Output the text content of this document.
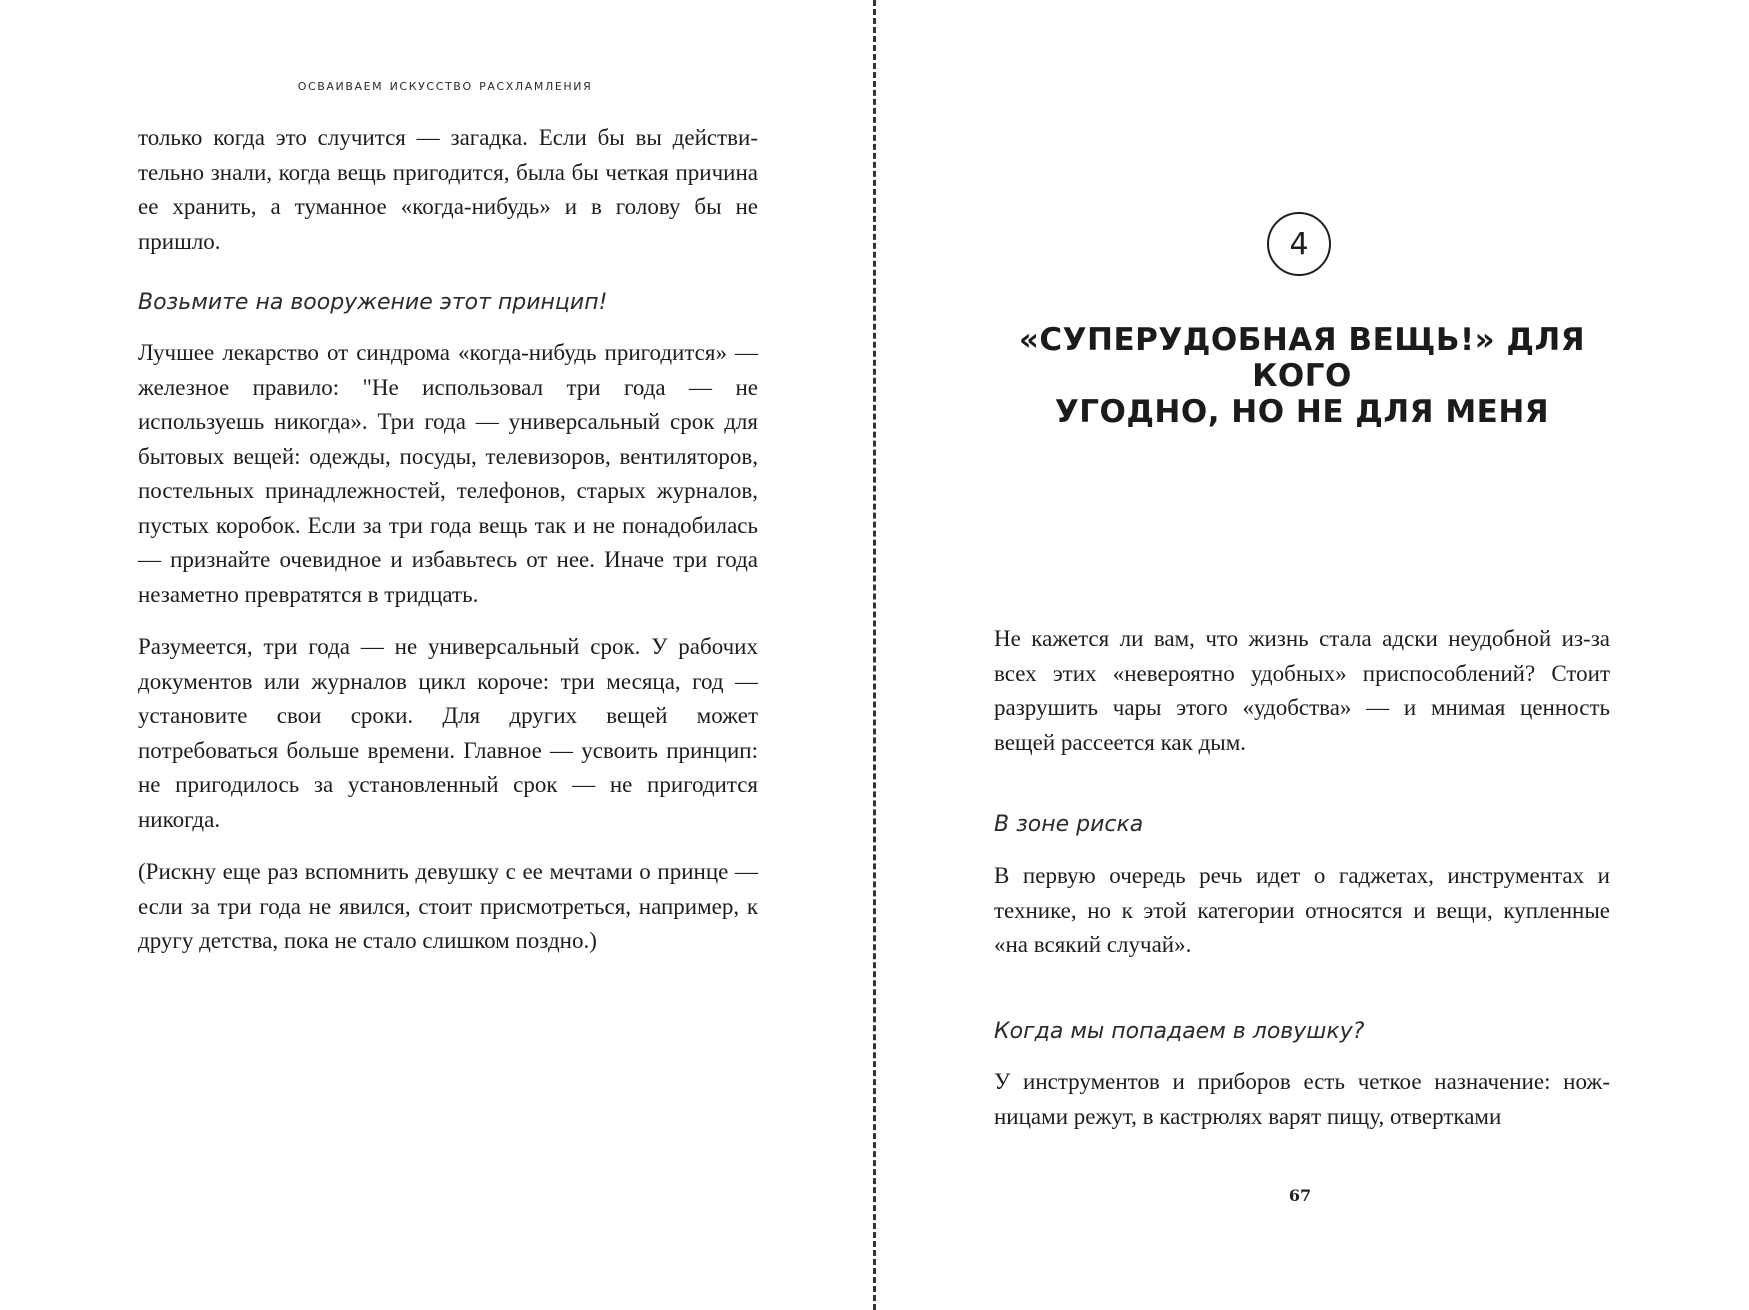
осваиваем искусство расхламления

только когда это случится — загадка. Если бы вы действительно знали, когда вещь пригодится, была бы четкая причина ее хранить, а туманное «когда-нибудь» и в голову бы не пришло.

Возьмите на вооружение этот принцип!

Лучшее лекарство от синдрома «когда-нибудь пригодится» — железное правило: "Не использовал три года — не используешь никогда». Три года — универсальный срок для бытовых вещей: одежды, посуды, телевизоров, вентиляторов, постельных принадлежностей, телефонов, старых журналов, пустых коробок. Если за три года вещь так и не понадобилась — признайте очевидное и избавьтесь от нее. Иначе три года незаметно превратятся в тридцать.

Разумеется, три года — не универсальный срок. У рабочих документов или журналов цикл короче: три месяца, год — установите свои сроки. Для других вещей может потребоваться больше времени. Главное — усвоить принцип: не пригодилось за установленный срок — не пригодится никогда.

(Рискну еще раз вспомнить девушку с ее мечтами о принце — если за три года не явился, стоит присмотреться, например, к другу детства, пока не стало слишком поздно.)

4
«СУПЕРУДОБНАЯ ВЕЩЬ!» ДЛЯ КОГО
УГОДНО, НО НЕ ДЛЯ МЕНЯ

Не кажется ли вам, что жизнь стала адски неудобной из-за всех этих «невероятно удобных» приспособлений? Стоит разрушить чары этого «удобства» — и мнимая ценность вещей рассеется как дым.

В зоне риска

В первую очередь речь идет о гаджетах, инструментах и технике, но к этой категории относятся и вещи, купленные «на всякий случай».

Когда мы попадаем в ловушку?

У инструментов и приборов есть четкое назначение: ножницами режут, в кастрюлях варят пищу, отвертками

67
